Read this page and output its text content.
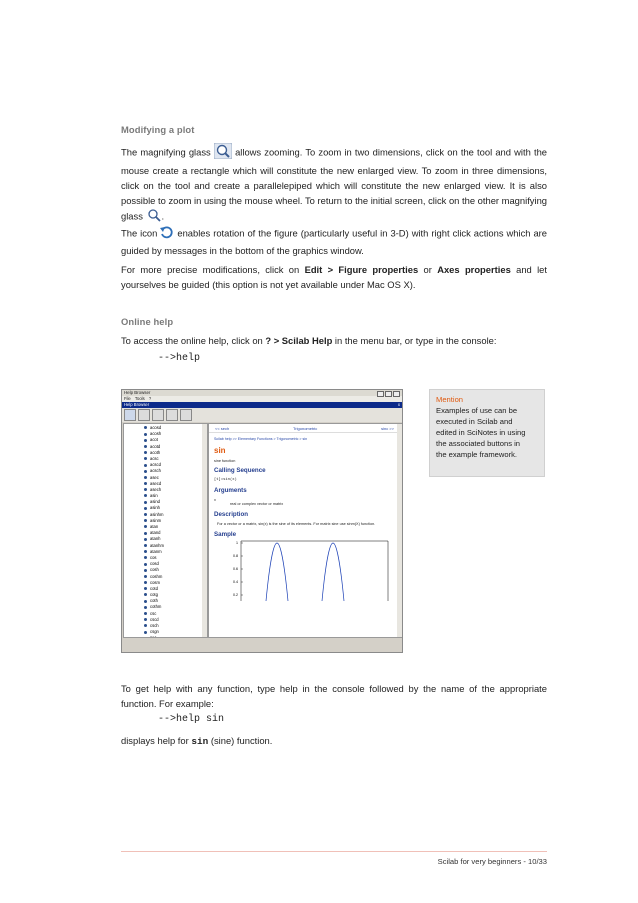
Modifying a plot
The magnifying glass	allows zooming. To zoom in two dimensions, click on the tool and with the mouse create a rectangle which will constitute the new enlarged view. To zoom in three dimensions, click on the tool and create a parallelepiped which will constitute the new enlarged view. It is also possible to zoom in using the mouse wheel. To return to the initial screen, click on the other magnifying glass .
The icon enables rotation of the figure (particularly useful in 3-D) with right click actions which are guided by messages in the bottom of the graphics window.
For more precise modifications, click on Edit > Figure properties or Axes properties and let yourselves be guided (this option is not yet available under Mac OS X).
Online help
To access the online help, click on ? > Scilab Help in the menu bar, or type in the console:
-->help
Mention
Examples of use can be
executed in Scilab and
edited in SciNotes in using
the associated buttons in
the example framework.
Help Browser
File Tools ?
Help Browser	x
acosd
acosh
acot
acotd
acoth
acsc
acscd
acsch
asec
asecd
asech
asin
asind
asinh
asinhm
asinm
atan
atand
atanh
atanhm
atanm
cos
cosd
cosh
coshm
cosm
cotd
cotg
coth
cothm
csc
cscd
csch
csgn
sec
<< sech	Trigonometric	sinc >>
Scilab help >> Elementary Functions > Trigonometric > sin
sin
sine function
Calling Sequence
[t]=sin(x)
Arguments
x
real or complex vector or matrix
Description
For a vector or a matrix, sin(x) is the sine of its elements. For matrix sine use sinm(X) function.
Sample
1
0.8
0.6
0.4
0.2
To get help with any function, type help in the console followed by the name of the appropriate function. For example:
-->help sin
displays help for sin (sine) function.
Scilab for very beginners - 10/33
